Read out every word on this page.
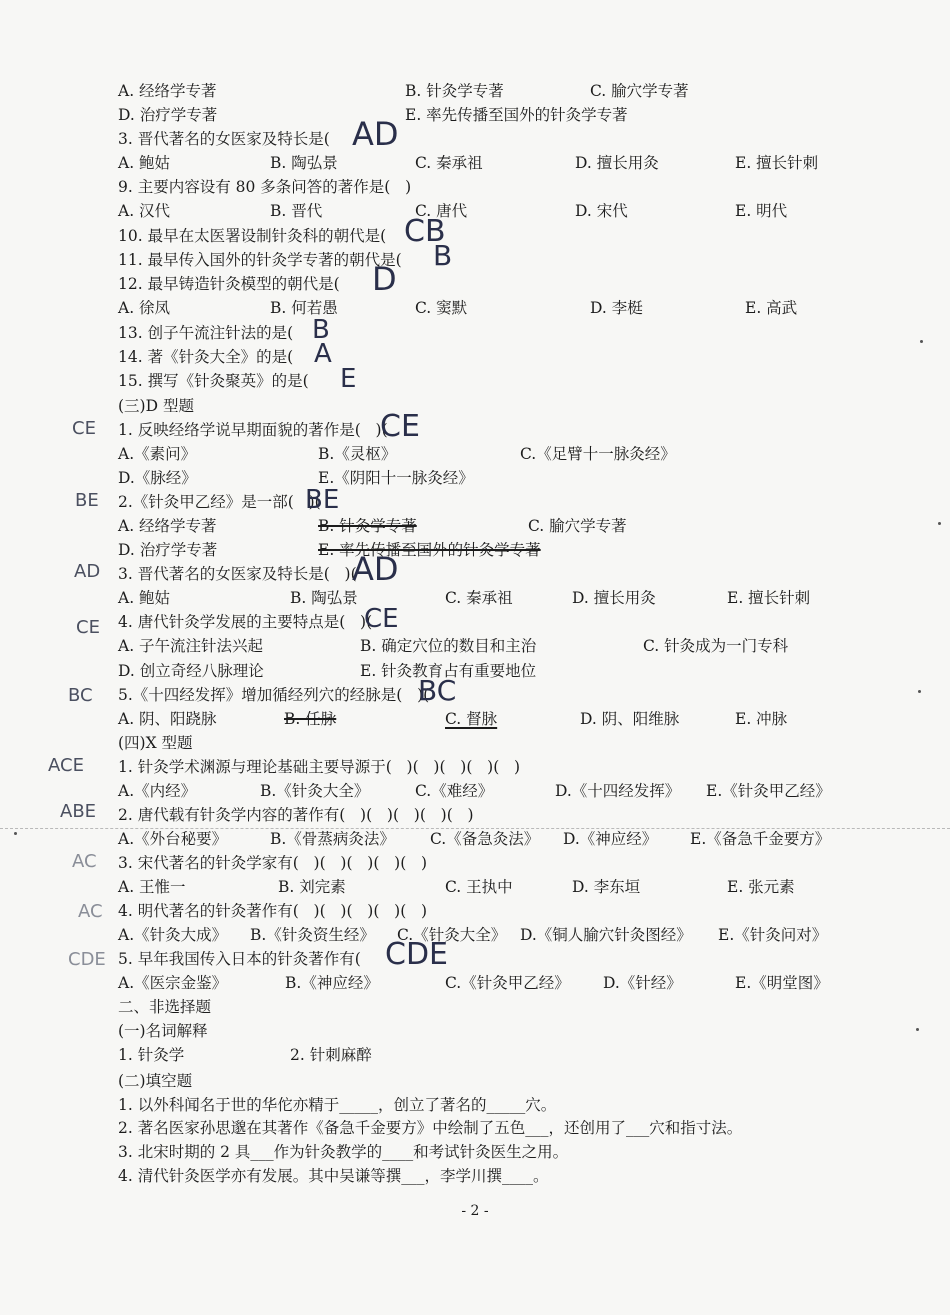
A. 经络学专著

	B. 针灸学专著

	C. 腧穴学专著

D. 治疗学专著

	E. 率先传播至国外的针灸学专著

3. 晋代著名的女医家及特长是(

A. 鲍姑

	B. 陶弘景

	C. 秦承祖

	D. 擅长用灸

	E. 擅长针刺

9. 主要内容设有 80 多条问答的著作是(   )

A. 汉代

	B. 晋代

	C. 唐代

	D. 宋代

	E. 明代

10. 最早在太医署设制针灸科的朝代是(

11. 最早传入国外的针灸学专著的朝代是(

12. 最早铸造针灸模型的朝代是(

A. 徐凤

	B. 何若愚

	C. 窦默

	D. 李梃

	E. 高武

13. 创子午流注针法的是(

14. 著《针灸大全》的是(

15. 撰写《针灸聚英》的是(

(三)D 型题

1. 反映经络学说早期面貌的著作是(   )(

A.《素问》

	B.《灵枢》

	C.《足臂十一脉灸经》

D.《脉经》

	E.《阴阳十一脉灸经》

2.《针灸甲乙经》是一部(   )(

A. 经络学专著

	B. 针灸学专著

	C. 腧穴学专著

D. 治疗学专著

	E. 率先传播至国外的针灸学专著

3. 晋代著名的女医家及特长是(   )(

A. 鲍姑

	B. 陶弘景

	C. 秦承祖

	D. 擅长用灸

	E. 擅长针刺

4. 唐代针灸学发展的主要特点是(   )(

A. 子午流注针法兴起

	B. 确定穴位的数目和主治

	C. 针灸成为一门专科

D. 创立奇经八脉理论

	E. 针灸教育占有重要地位

5.《十四经发挥》增加循经列穴的经脉是(   )(

A. 阴、阳跷脉

	B. 任脉

	C. 督脉

	D. 阴、阳维脉

	E. 冲脉

(四)X 型题

1. 针灸学术渊源与理论基础主要导源于(   )(   )(   )(   )(   )

A.《内经》

	B.《针灸大全》

	C.《难经》

	D.《十四经发挥》

E.《针灸甲乙经》

2. 唐代载有针灸学内容的著作有(   )(   )(   )(   )(   )

A.《外台秘要》

	B.《骨蒸病灸法》

C.《备急灸法》

D.《神应经》

E.《备急千金要方》

3. 宋代著名的针灸学家有(   )(   )(   )(   )(   )

A. 王惟一

	B. 刘完素

	C. 王执中

	D. 李东垣

	E. 张元素

4. 明代著名的针灸著作有(   )(   )(   )(   )(   )

A.《针灸大成》

B.《针灸资生经》

C.《针灸大全》

D.《铜人腧穴针灸图经》

E.《针灸问对》

5. 早年我国传入日本的针灸著作有(

A.《医宗金鉴》

	B.《神应经》

	C.《针灸甲乙经》

D.《针经》

	E.《明堂图》

二、非选择题

(一)名词解释

1. 针灸学

	2. 针刺麻醉

(二)填空题

1. 以外科闻名于世的华佗亦精于_____，创立了著名的_____穴。

2. 著名医家孙思邈在其著作《备急千金要方》中绘制了五色___，还创用了___穴和指寸法。

3. 北宋时期的 2 具___作为针灸教学的____和考试针灸医生之用。

4. 清代针灸医学亦有发展。其中吴谦等撰___，李学川撰____。

AD
CB
B
D
B
A
E
CE
BE
AD
CE
BC
CDE
CE
BE
AD
CE
BC
ACE
ABE
AC
AC
CDE
- 2 -
